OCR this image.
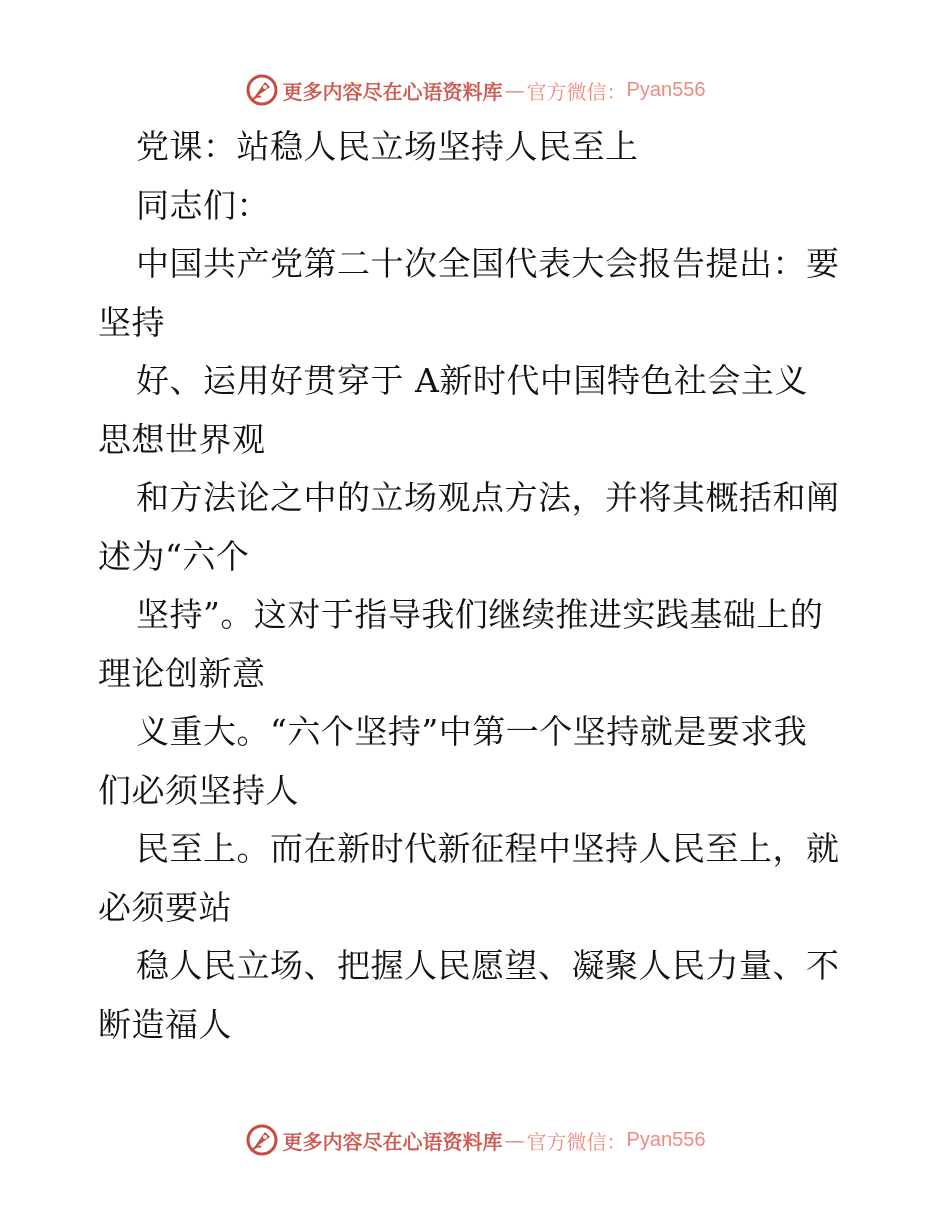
更多内容尽在心语资料库 — 官方微信： Pyan556
党课：站稳人民立场坚持人民至上
同志们：
中国共产党第二十次全国代表大会报告提出：要
坚持
好、运用好贯穿于 A新时代中国特色社会主义
思想世界观
和方法论之中的立场观点方法，并将其概括和阐
述为“六个
坚持”。这对于指导我们继续推进实践基础上的
理论创新意
义重大。“六个坚持”中第一个坚持就是要求我
们必须坚持人
民至上。而在新时代新征程中坚持人民至上，就
必须要站
稳人民立场、把握人民愿望、凝聚人民力量、不
断造福人
更多内容尽在心语资料库 — 官方微信： Pyan556
